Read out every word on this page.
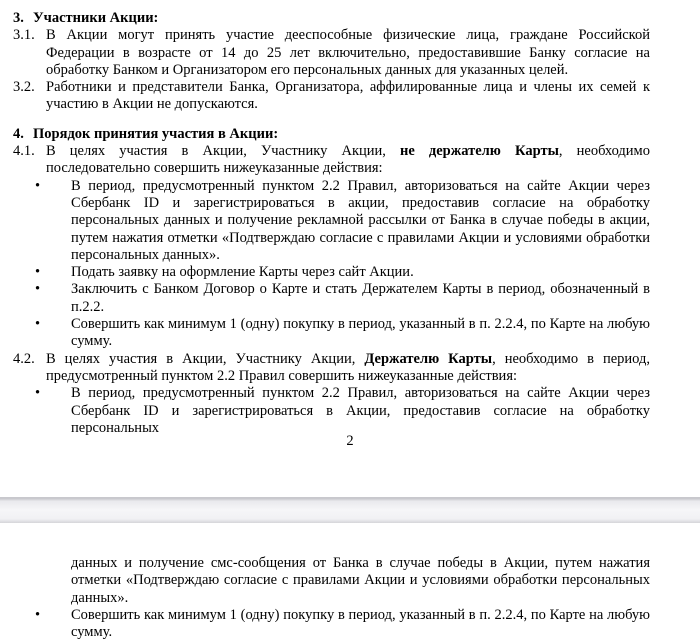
3. Участники Акции:
3.1. В Акции могут принять участие дееспособные физические лица, граждане Российской Федерации в возрасте от 14 до 25 лет включительно, предоставившие Банку согласие на обработку Банком и Организатором его персональных данных для указанных целей.
3.2. Работники и представители Банка, Организатора, аффилированные лица и члены их семей к участию в Акции не допускаются.
4. Порядок принятия участия в Акции:
4.1. В целях участия в Акции, Участнику Акции, не держателю Карты, необходимо последовательно совершить нижеуказанные действия:
•
В период, предусмотренный пунктом 2.2 Правил, авторизоваться на сайте Акции через Сбербанк ID и зарегистрироваться в акции, предоставив согласие на обработку персональных данных и получение рекламной рассылки от Банка в случае победы в акции, путем нажатия отметки «Подтверждаю согласие с правилами Акции и условиями обработки персональных данных».
•
Подать заявку на оформление Карты через сайт Акции.
•
Заключить с Банком Договор о Карте и стать Держателем Карты в период, обозначенный в п.2.2.
•
Совершить как минимум 1 (одну) покупку в период, указанный в п. 2.2.4, по Карте на любую сумму.
4.2. В целях участия в Акции, Участнику Акции, Держателю Карты, необходимо в период, предусмотренный пунктом 2.2 Правил совершить нижеуказанные действия:
•
В период, предусмотренный пунктом 2.2 Правил, авторизоваться на сайте Акции через Сбербанк ID и зарегистрироваться в Акции, предоставив согласие на обработку персональных
2
данных и получение смс-сообщения от Банка в случае победы в Акции, путем нажатия отметки «Подтверждаю согласие с правилами Акции и условиями обработки персональных данных».
•
Совершить как минимум 1 (одну) покупку в период, указанный в п. 2.2.4, по Карте на любую сумму.
